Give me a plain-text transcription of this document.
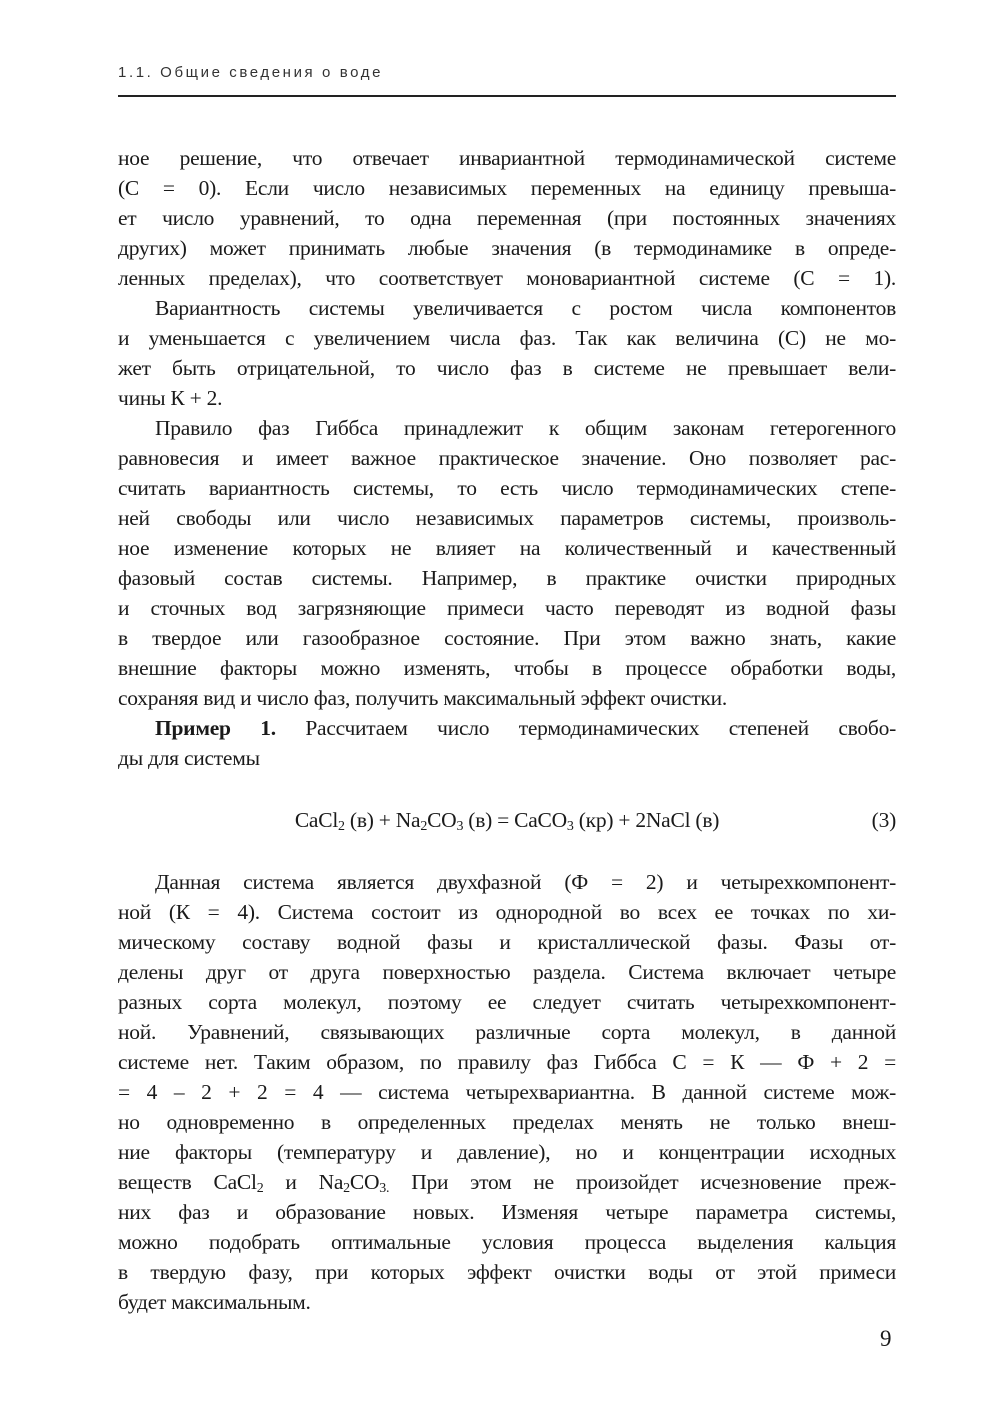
1.1. Общие сведения о воде
ное решение, что отвечает инвариантной термодинамической системе
(С = 0). Если число независимых переменных на единицу превыша-
ет число уравнений, то одна переменная (при постоянных значениях
других) может принимать любые значения (в термодинамике в опреде-
ленных пределах), что соответствует моновариантной системе (С = 1).
Вариантность системы увеличивается с ростом числа компонентов
и уменьшается с увеличением числа фаз. Так как величина (С) не мо-
жет быть отрицательной, то число фаз в системе не превышает вели-
чины К + 2.
Правило фаз Гиббса принадлежит к общим законам гетерогенного
равновесия и имеет важное практическое значение. Оно позволяет рас-
считать вариантность системы, то есть число термодинамических степе-
ней свободы или число независимых параметров системы, произволь-
ное изменение которых не влияет на количественный и качественный
фазовый состав системы. Например, в практике очистки природных
и сточных вод загрязняющие примеси часто переводят из водной фазы
в твердое или газообразное состояние. При этом важно знать, какие
внешние факторы можно изменять, чтобы в процессе обработки воды,
сохраняя вид и число фаз, получить максимальный эффект очистки.
Пример 1. Рассчитаем число термодинамических степеней свобо-
ды для системы
CaCl$_2$ $(в) + Na_2CO_3$ (в) = CaCO$_3$ (кр) + 2NaCl (в)	(3)
Данная система является двухфазной (Ф = 2) и четырехкомпонент-
ной (К = 4). Система состоит из однородной во всех ее точках по хи-
мическому составу водной фазы и кристаллической фазы. Фазы от-
делены друг от друга поверхностью раздела. Система включает четыре
разных сорта молекул, поэтому ее следует считать четырехкомпонент-
ной. Уравнений, связывающих различные сорта молекул, в данной
системе нет. Таким образом, по правилу фаз Гиббса С = К — Ф + 2 =
= 4 – 2 + 2 = 4 — система четырехвариантна. В данной системе мож-
но одновременно в определенных пределах менять не только внеш-
ние факторы (температуру и давление), но и концентрации исходных
веществ CaCl$_2$ и $Na_2CO_{3.}$ При этом не произойдет исчезновение преж-
них фаз и образование новых. Изменяя четыре параметра системы,
можно подобрать оптимальные условия процесса выделения кальция
в твердую фазу, при которых эффект очистки воды от этой примеси
будет максимальным.
9
